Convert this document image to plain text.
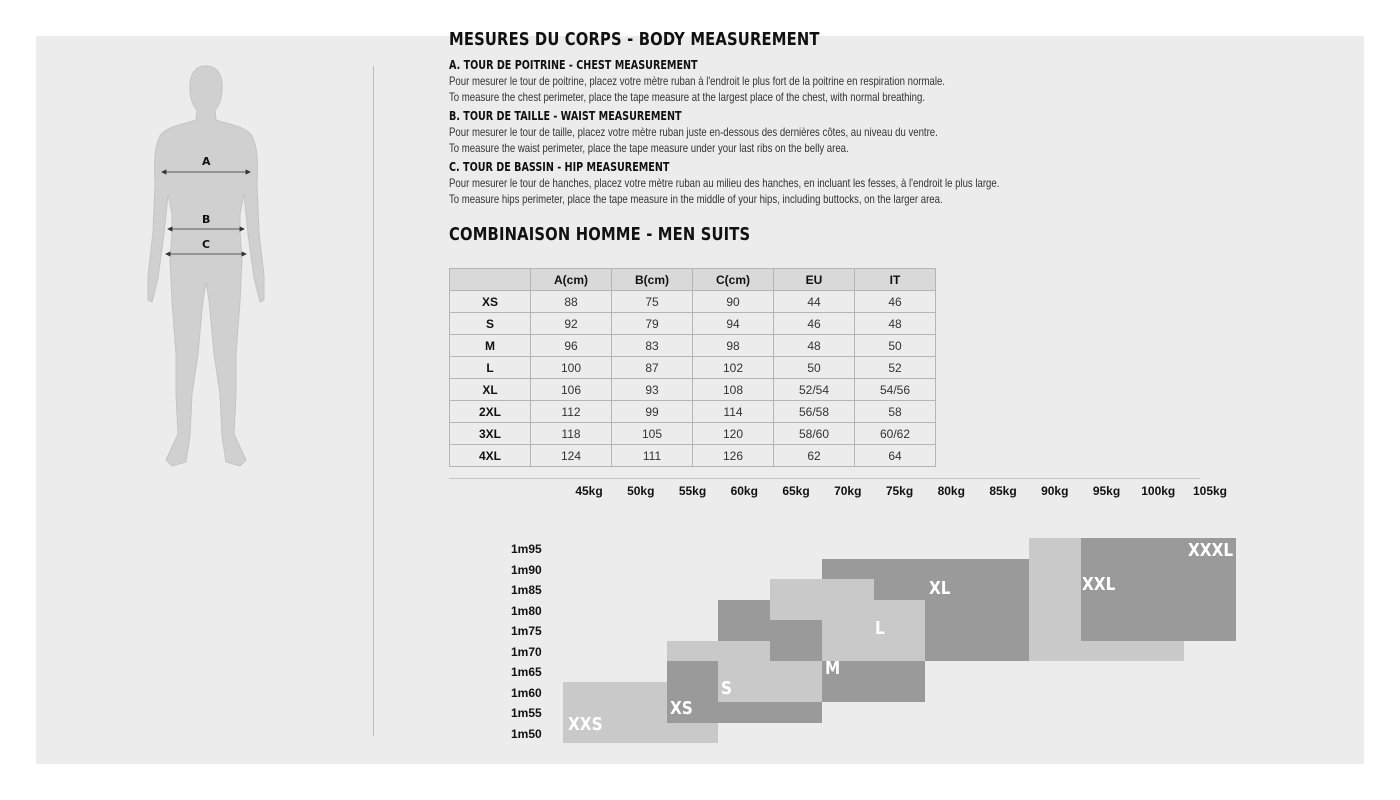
A
B
C
MESURES DU CORPS - BODY MEASUREMENT
A. TOUR DE POITRINE - CHEST MEASUREMENT
Pour mesurer le tour de poitrine, placez votre mètre ruban à l'endroit le plus fort de la poitrine en respiration normale.
To measure the chest perimeter, place the tape measure at the largest place of the chest, with normal breathing.
B. TOUR DE TAILLE - WAIST MEASUREMENT
Pour mesurer le tour de taille, placez votre mètre ruban juste en-dessous des dernières côtes, au niveau du ventre.
To measure the waist perimeter, place the tape measure under your last ribs on the belly area.
C. TOUR DE BASSIN - HIP MEASUREMENT
Pour mesurer le tour de hanches, placez votre mètre ruban au milieu des hanches, en incluant les fesses, à l'endroit le plus large.
To measure hips perimeter, place the tape measure in the middle of your hips, including buttocks, on the larger area.
COMBINAISON HOMME - MEN SUITS
	A(cm)	B(cm)	C(cm)	EU	IT
XS	88	75	90	44	46
S	92	79	94	46	48
M	96	83	98	48	50
L	100	87	102	50	52
XL	106	93	108	52/54	54/56
2XL	112	99	114	56/58	58
3XL	118	105	120	58/60	60/62
4XL	124	111	126	62	64
45kg	50kg	55kg	60kg	65kg	70kg	75kg	80kg	85kg	90kg	95kg	100kg	105kg
1m95
1m90
1m85
1m80
1m75
1m70
1m65
1m60
1m55
1m50	XXS
XS
S
M
L
XL	XXL
XXXL
